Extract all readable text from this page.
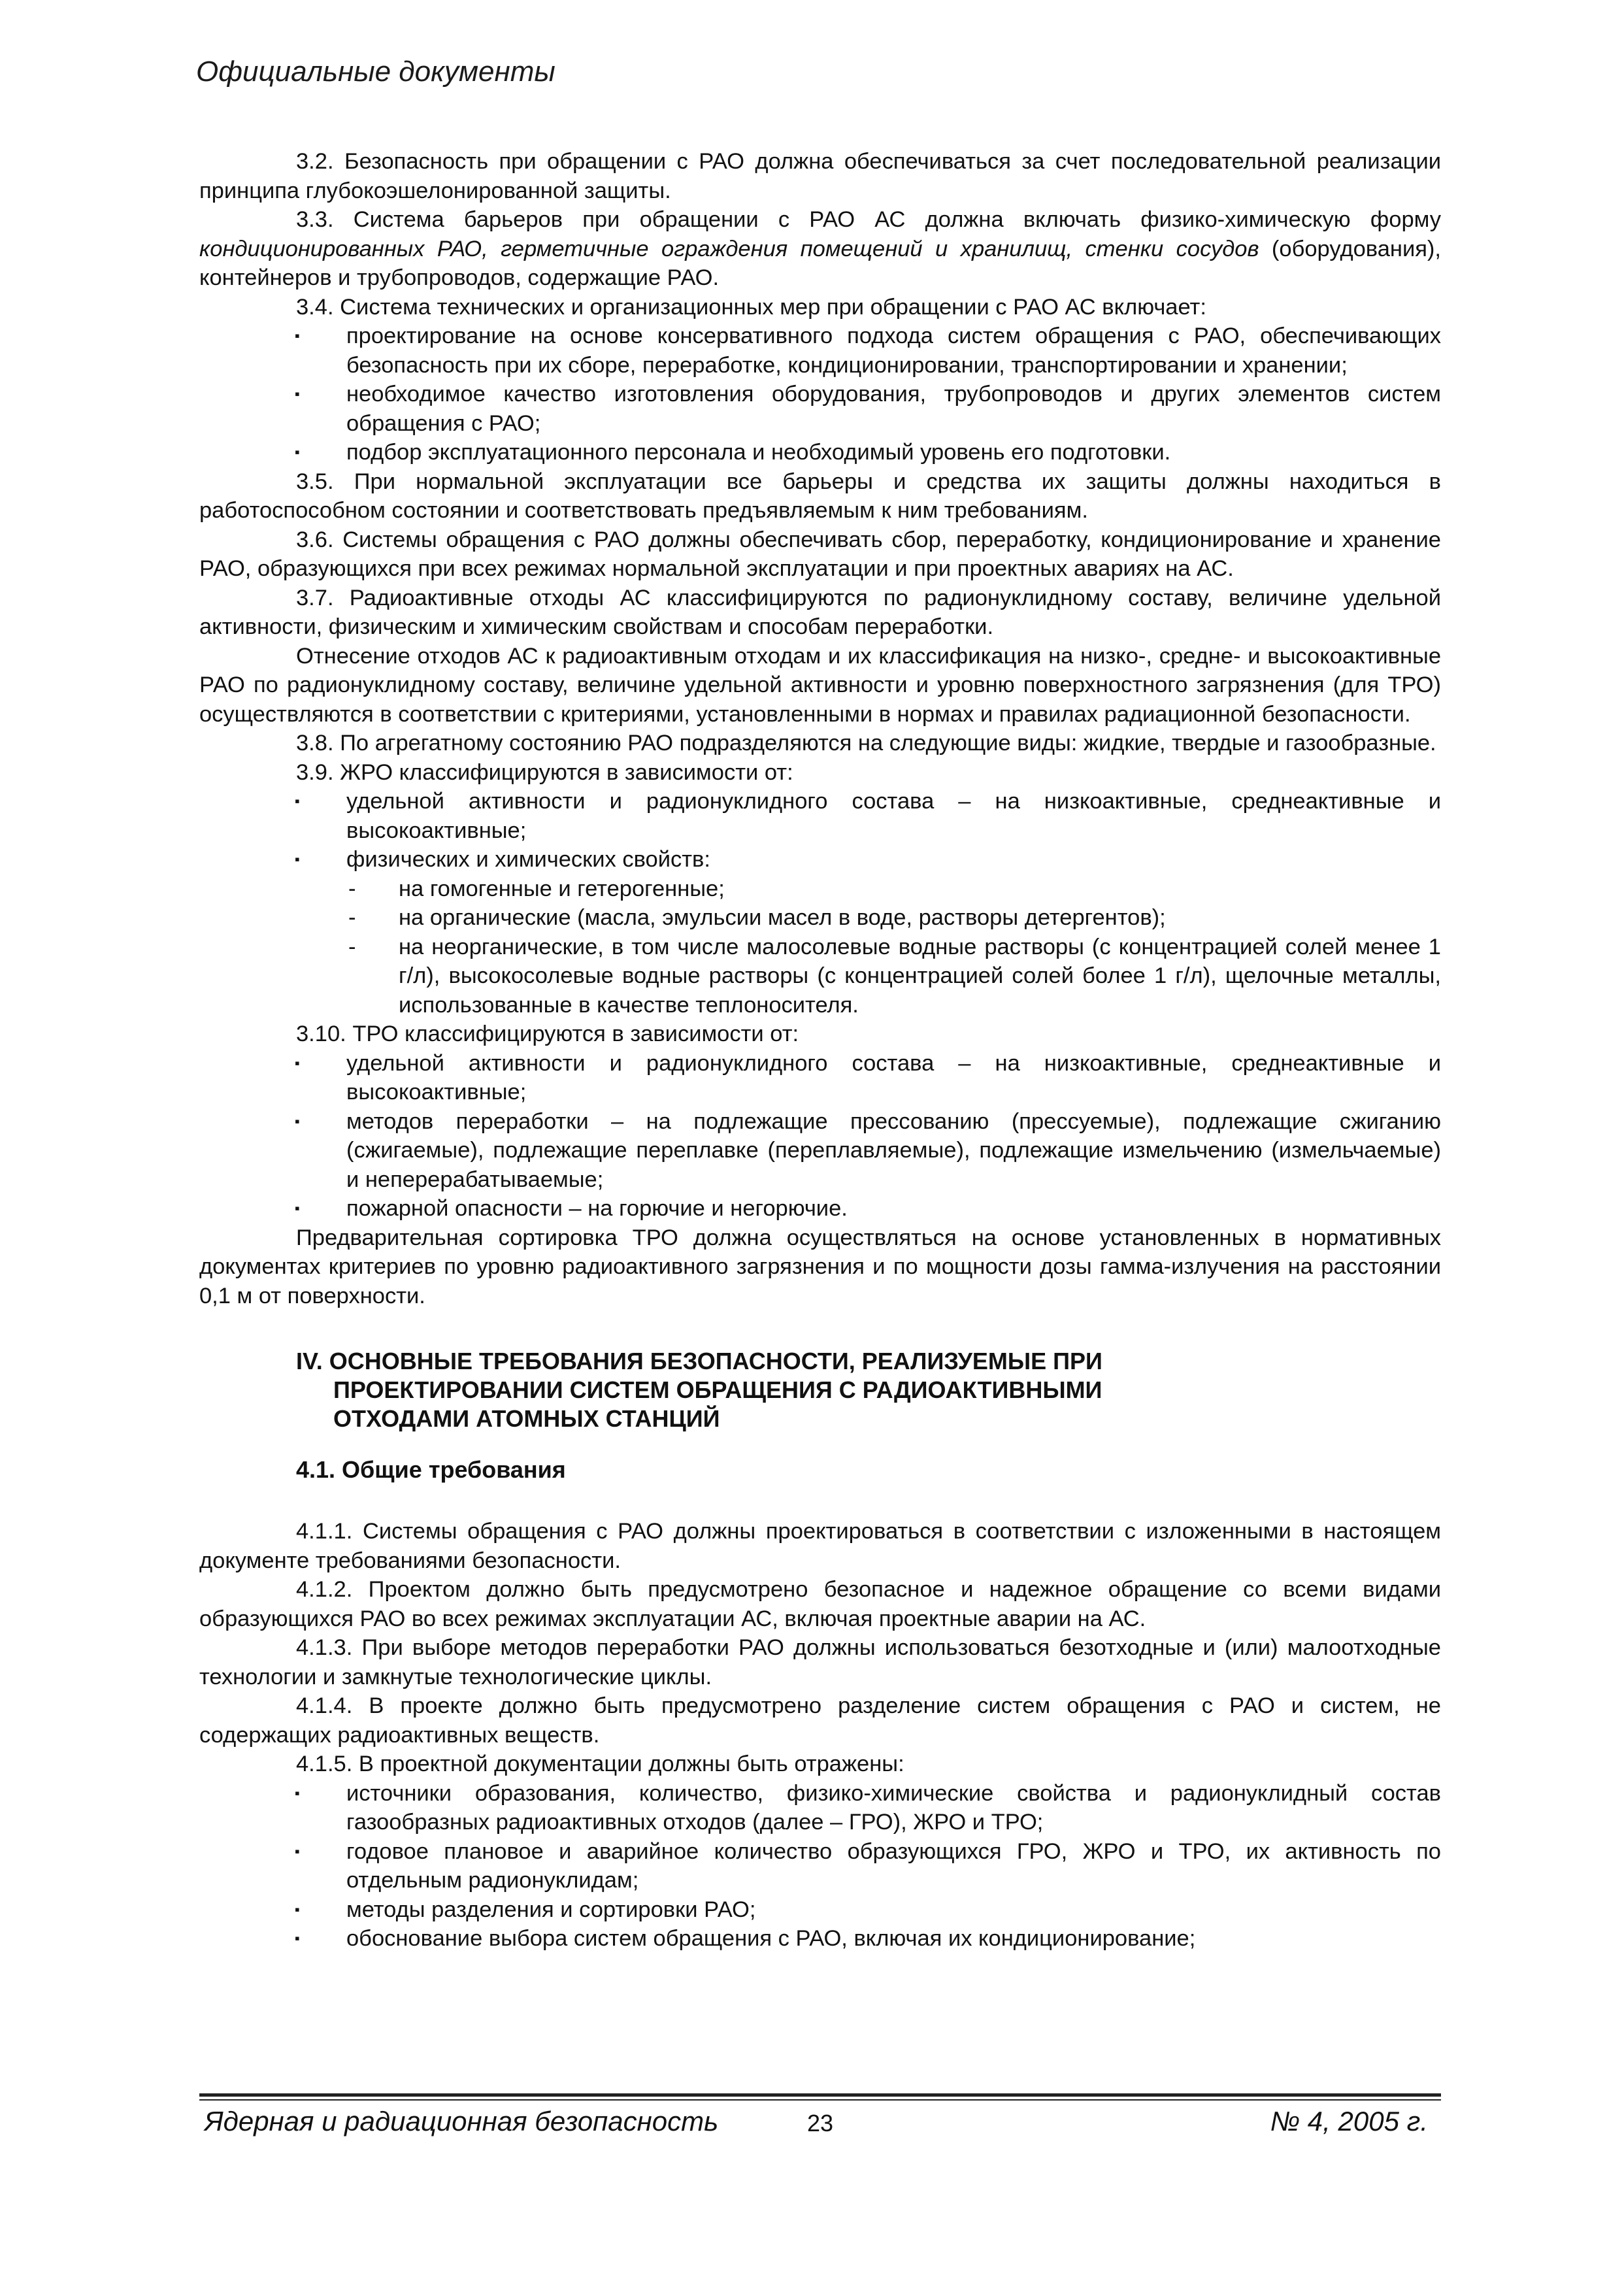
Официальные документы

3.2. Безопасность при обращении с РАО должна обеспечиваться за счет последовательной реализации принципа глубокоэшелонированной защиты.

3.3. Система барьеров при обращении с РАО АС должна включать физико-химическую форму кондиционированных РАО, герметичные ограждения помещений и хранилищ, стенки сосудов (оборудования), контейнеров и трубопроводов, содержащие РАО.

3.4. Система технических и организационных мер при обращении с РАО АС включает:

▪ проектирование на основе консервативного подхода систем обращения с РАО, обеспечивающих безопасность при их сборе, переработке, кондиционировании, транспортировании и хранении;
▪ необходимое качество изготовления оборудования, трубопроводов и других элементов систем обращения с РАО;
▪ подбор эксплуатационного персонала и необходимый уровень его подготовки.

3.5. При нормальной эксплуатации все барьеры и средства их защиты должны находиться в работоспособном состоянии и соответствовать предъявляемым к ним требованиям.

3.6. Системы обращения с РАО должны обеспечивать сбор, переработку, кондиционирование и хранение РАО, образующихся при всех режимах нормальной эксплуатации и при проектных авариях на АС.

3.7. Радиоактивные отходы АС классифицируются по радионуклидному составу, величине удельной активности, физическим и химическим свойствам и способам переработки.

Отнесение отходов АС к радиоактивным отходам и их классификация на низко-, средне- и высокоактивные РАО по радионуклидному составу, величине удельной активности и уровню поверхностного загрязнения (для ТРО) осуществляются в соответствии с критериями, установленными в нормах и правилах радиационной безопасности.

3.8. По агрегатному состоянию РАО подразделяются на следующие виды: жидкие, твердые и газообразные.

3.9. ЖРО классифицируются в зависимости от:

▪ удельной активности и радионуклидного состава – на низкоактивные, среднеактивные и высокоактивные;
▪ физических и химических свойств:
- на гомогенные и гетерогенные;
- на органические (масла, эмульсии масел в воде, растворы детергентов);
- на неорганические, в том числе малосолевые водные растворы (с концентрацией солей менее 1 г/л), высокосолевые водные растворы (с концентрацией солей более 1 г/л), щелочные металлы, использованные в качестве теплоносителя.

3.10. ТРО классифицируются в зависимости от:

▪ удельной активности и радионуклидного состава – на низкоактивные, среднеактивные и высокоактивные;
▪ методов переработки – на подлежащие прессованию (прессуемые), подлежащие сжиганию (сжигаемые), подлежащие переплавке (переплавляемые), подлежащие измельчению (измельчаемые) и неперерабатываемые;
▪ пожарной опасности – на горючие и негорючие.

Предварительная сортировка ТРО должна осуществляться на основе установленных в нормативных документах критериев по уровню радиоактивного загрязнения и по мощности дозы гамма-излучения на расстоянии 0,1 м от поверхности.

IV. ОСНОВНЫЕ ТРЕБОВАНИЯ БЕЗОПАСНОСТИ, РЕАЛИЗУЕМЫЕ ПРИ
ПРОЕКТИРОВАНИИ СИСТЕМ ОБРАЩЕНИЯ С РАДИОАКТИВНЫМИ
ОТХОДАМИ АТОМНЫХ СТАНЦИЙ
4.1. Общие требования

4.1.1. Системы обращения с РАО должны проектироваться в соответствии с изложенными в настоящем документе требованиями безопасности.

4.1.2. Проектом должно быть предусмотрено безопасное и надежное обращение со всеми видами образующихся РАО во всех режимах эксплуатации АС, включая проектные аварии на АС.

4.1.3. При выборе методов переработки РАО должны использоваться безотходные и (или) малоотходные технологии и замкнутые технологические циклы.

4.1.4. В проекте должно быть предусмотрено разделение систем обращения с РАО и систем, не содержащих радиоактивных веществ.

4.1.5. В проектной документации должны быть отражены:

▪ источники образования, количество, физико-химические свойства и радионуклидный состав газообразных радиоактивных отходов (далее – ГРО), ЖРО и ТРО;
▪ годовое плановое и аварийное количество образующихся ГРО, ЖРО и ТРО, их активность по отдельным радионуклидам;
▪ методы разделения и сортировки РАО;
▪ обоснование выбора систем обращения с РАО, включая их кондиционирование;
Ядерная и радиационная безопасность	23	№ 4, 2005 г.
